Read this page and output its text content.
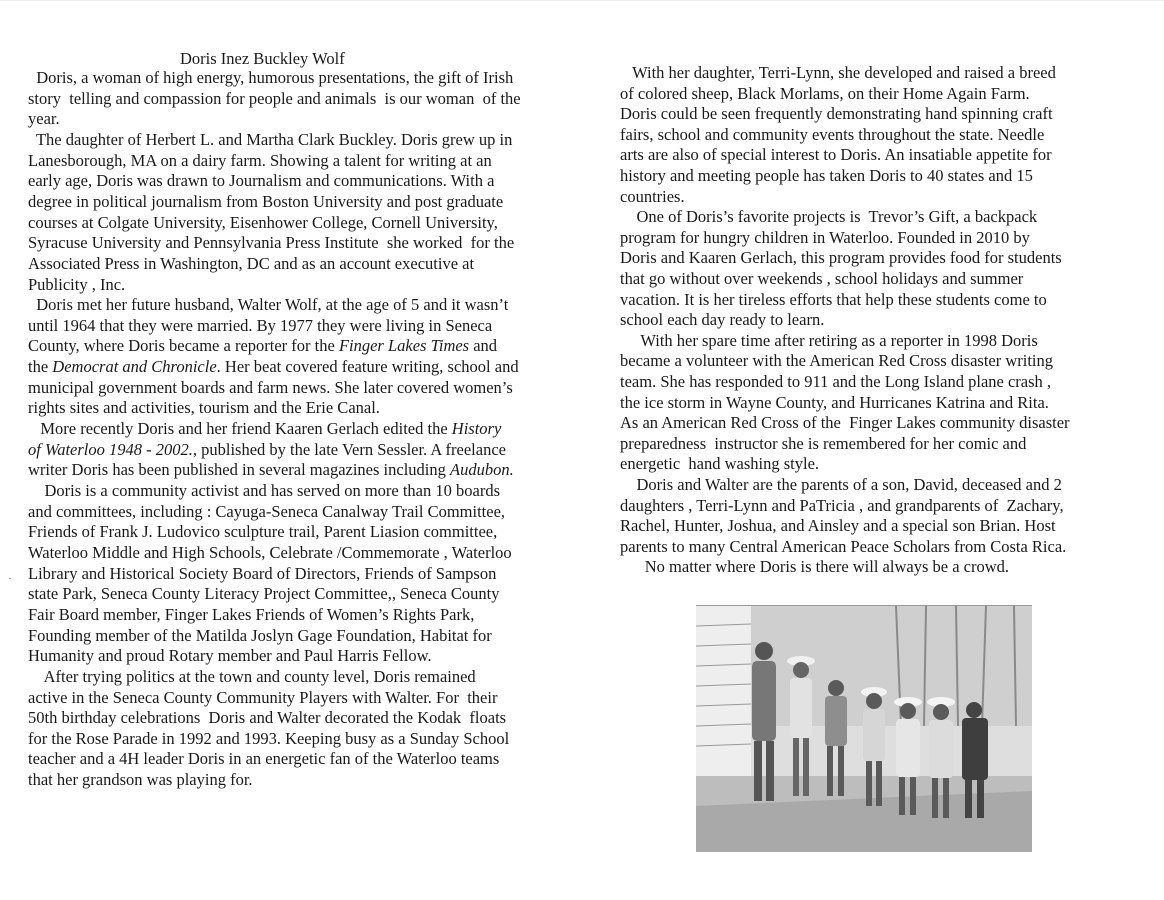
Doris Inez Buckley Wolf
Doris, a woman of high energy, humorous presentations, the gift of Irish
story  telling and compassion for people and animals  is our woman  of the
year.
The daughter of Herbert L. and Martha Clark Buckley. Doris grew up in
Lanesborough, MA on a dairy farm. Showing a talent for writing at an
early age, Doris was drawn to Journalism and communications. With a
degree in political journalism from Boston University and post graduate
courses at Colgate University, Eisenhower College, Cornell University,
Syracuse University and Pennsylvania Press Institute  she worked  for the
Associated Press in Washington, DC and as an account executive at
Publicity , Inc.
Doris met her future husband, Walter Wolf, at the age of 5 and it wasn’t
until 1964 that they were married. By 1977 they were living in Seneca
County, where Doris became a reporter for the Finger Lakes Times and
the Democrat and Chronicle. Her beat covered feature writing, school and
municipal government boards and farm news. She later covered women’s
rights sites and activities, tourism and the Erie Canal.
More recently Doris and her friend Kaaren Gerlach edited the History
of Waterloo 1948 - 2002., published by the late Vern Sessler. A freelance
writer Doris has been published in several magazines including Audubon.
Doris is a community activist and has served on more than 10 boards
and committees, including : Cayuga-Seneca Canalway Trail Committee,
Friends of Frank J. Ludovico sculpture trail, Parent Liasion committee,
Waterloo Middle and High Schools, Celebrate /Commemorate , Waterloo
Library and Historical Society Board of Directors, Friends of Sampson
state Park, Seneca County Literacy Project Committee,, Seneca County
Fair Board member, Finger Lakes Friends of Women’s Rights Park,
Founding member of the Matilda Joslyn Gage Foundation, Habitat for
Humanity and proud Rotary member and Paul Harris Fellow.
After trying politics at the town and county level, Doris remained
active in the Seneca County Community Players with Walter. For  their
50th birthday celebrations  Doris and Walter decorated the Kodak  floats
for the Rose Parade in 1992 and 1993. Keeping busy as a Sunday School
teacher and a 4H leader Doris in an energetic fan of the Waterloo teams
that her grandson was playing for.
With her daughter, Terri-Lynn, she developed and raised a breed
of colored sheep, Black Morlams, on their Home Again Farm.
Doris could be seen frequently demonstrating hand spinning craft
fairs, school and community events throughout the state. Needle
arts are also of special interest to Doris. An insatiable appetite for
history and meeting people has taken Doris to 40 states and 15
countries.
One of Doris’s favorite projects is  Trevor’s Gift, a backpack
program for hungry children in Waterloo. Founded in 2010 by
Doris and Kaaren Gerlach, this program provides food for students
that go without over weekends , school holidays and summer
vacation. It is her tireless efforts that help these students come to
school each day ready to learn.
With her spare time after retiring as a reporter in 1998 Doris
became a volunteer with the American Red Cross disaster writing
team. She has responded to 911 and the Long Island plane crash ,
the ice storm in Wayne County, and Hurricanes Katrina and Rita.
As an American Red Cross of the  Finger Lakes community disaster
preparedness  instructor she is remembered for her comic and
energetic  hand washing style.
Doris and Walter are the parents of a son, David, deceased and 2
daughters , Terri-Lynn and PaTricia , and grandparents of  Zachary,
Rachel, Hunter, Joshua, and Ainsley and a special son Brian. Host
parents to many Central American Peace Scholars from Costa Rica.
No matter where Doris is there will always be a crowd.
·
